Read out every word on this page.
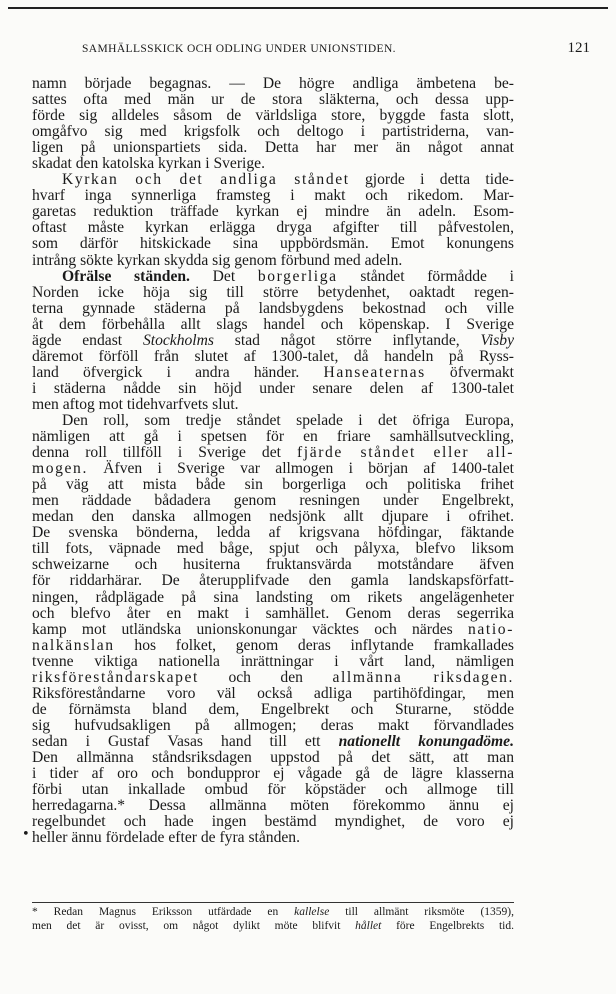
SAMHÄLLSSKICK OCH ODLING UNDER UNIONSTIDEN.	121

namn började begagnas. — De högre andliga ämbetena be-
sattes ofta med män ur de stora släkterna, och dessa upp-
förde sig alldeles såsom de världsliga store, byggde fasta slott,
omgåfvo sig med krigsfolk och deltogo i partistriderna, van-
ligen på unionspartiets sida. Detta har mer än något annat
skadat den katolska kyrkan i Sverige.

Kyrkan och det andliga ståndet gjorde i detta tide-
hvarf inga synnerliga framsteg i makt och rikedom. Mar-
garetas reduktion träffade kyrkan ej mindre än adeln. Esom-
oftast måste kyrkan erlägga dryga afgifter till påfvestolen,
som därför hitskickade sina uppbördsmän. Emot konungens
intrång sökte kyrkan skydda sig genom förbund med adeln.

Ofrälse ständen. Det borgerliga ståndet förmådde i
Norden icke höja sig till större betydenhet, oaktadt regen-
terna gynnade städerna på landsbygdens bekostnad och ville
åt dem förbehålla allt slags handel och köpenskap. I Sverige
ägde endast Stockholms stad något större inflytande, Visby
däremot förföll från slutet af 1300-talet, då handeln på Ryss-
land öfvergick i andra händer. Hanseaternas öfvermakt
i städerna nådde sin höjd under senare delen af 1300-talet
men aftog mot tidehvarfvets slut.

Den roll, som tredje ståndet spelade i det öfriga Europa,
nämligen att gå i spetsen för en friare samhällsutveckling,
denna roll tillföll i Sverige det fjärde ståndet eller all-
mogen. Äfven i Sverige var allmogen i början af 1400-talet
på väg att mista både sin borgerliga och politiska frihet
men räddade bådadera genom resningen under Engelbrekt,
medan den danska allmogen nedsjönk allt djupare i ofrihet.
De svenska bönderna, ledda af krigsvana höfdingar, fäktande
till fots, väpnade med båge, spjut och pålyxa, blefvo liksom
schweizarne och husiterna fruktansvärda motståndare äfven
för riddarhärar. De återupplifvade den gamla landskapsförfatt-
ningen, rådplägade på sina landsting om rikets angelägenheter
och blefvo åter en makt i samhället. Genom deras segerrika
kamp mot utländska unionskonungar väcktes och närdes natio-
nalkänslan hos folket, genom deras inflytande framkallades
tvenne viktiga nationella inrättningar i vårt land, nämligen
riksföreståndarskapet och den allmänna riksdagen.
Riksföreståndarne voro väl också adliga partihöfdingar, men
de förnämsta bland dem, Engelbrekt och Sturarne, stödde
sig hufvudsakligen på allmogen; deras makt förvandlades
sedan i Gustaf Vasas hand till ett nationellt konungadöme.
Den allmänna ståndsriksdagen uppstod på det sätt, att man
i tider af oro och bonduppror ej vågade gå de lägre klasserna
förbi utan inkallade ombud för köpstäder och allmoge till
herredagarna.* Dessa allmänna möten förekommo ännu ej
regelbundet och hade ingen bestämd myndighet, de voro ej
heller ännu fördelade efter de fyra stånden.

•
* Redan Magnus Eriksson utfärdade en kallelse till allmänt riksmöte (1359),
men det är ovisst, om något dylikt möte blifvit hållet före Engelbrekts tid.
